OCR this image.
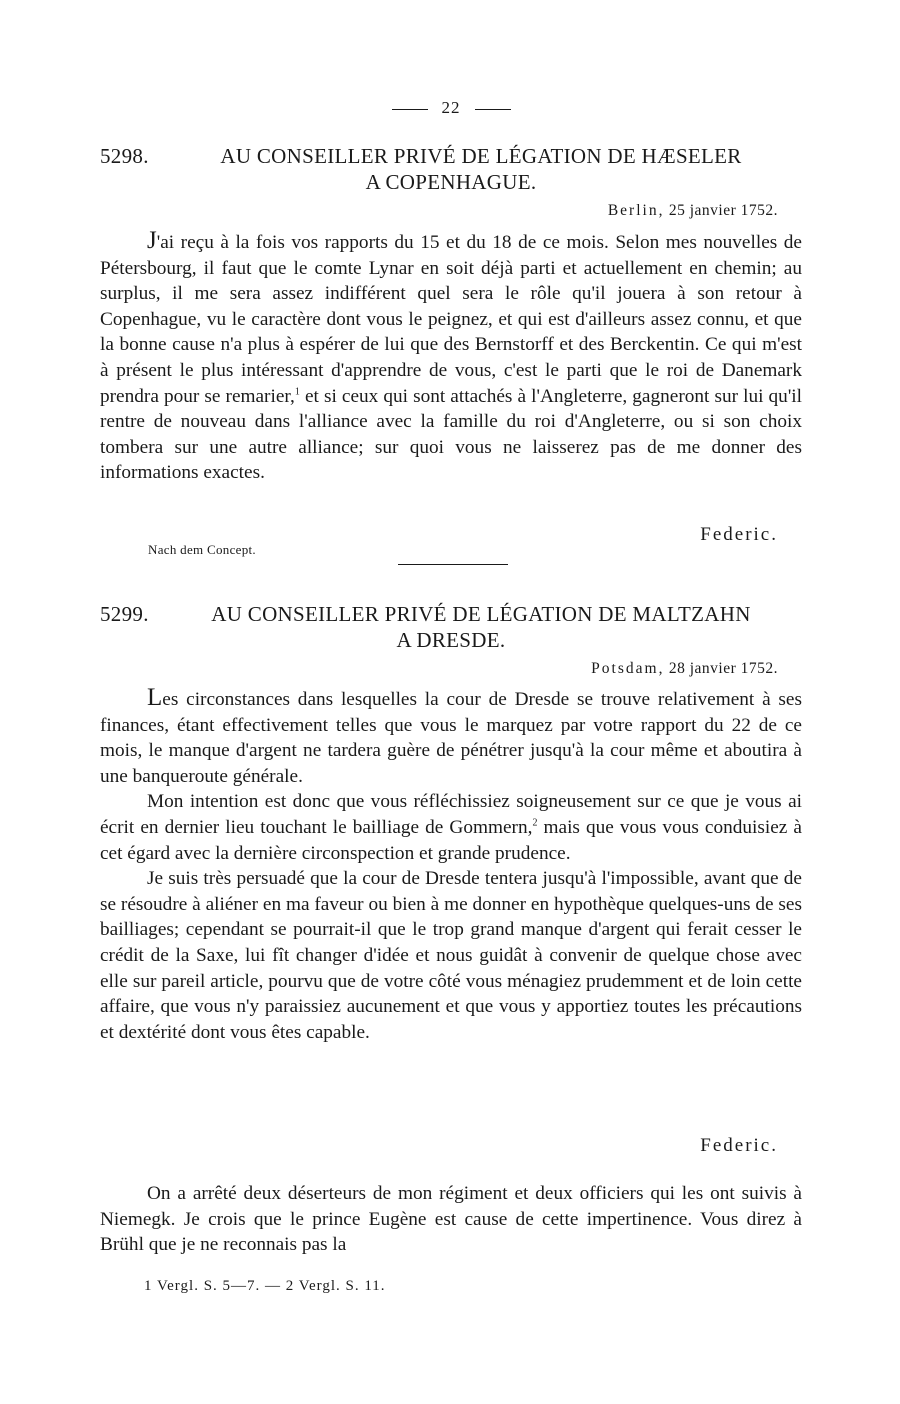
22
5298.	AU CONSEILLER PRIVÉ DE LÉGATION DE HÆSELER
A COPENHAGUE.
Berlin, 25 janvier 1752.

J'ai reçu à la fois vos rapports du 15 et du 18 de ce mois. Selon mes nouvelles de Pétersbourg, il faut que le comte Lynar en soit déjà parti et actuellement en chemin; au surplus, il me sera assez indifférent quel sera le rôle qu'il jouera à son retour à Copenhague, vu le caractère dont vous le peignez, et qui est d'ailleurs assez connu, et que la bonne cause n'a plus à espérer de lui que des Bernstorff et des Berckentin. Ce qui m'est à présent le plus intéressant d'apprendre de vous, c'est le parti que le roi de Danemark prendra pour se remarier,$^1$ et si ceux qui sont attachés à l'Angleterre, gagneront sur lui qu'il rentre de nouveau dans l'alliance avec la famille du roi d'Angleterre, ou si son choix tombera sur une autre alliance; sur quoi vous ne laisserez pas de me donner des informations exactes.

Federic.
Nach dem Concept.
5299.	AU CONSEILLER PRIVÉ DE LÉGATION DE MALTZAHN
A DRESDE.
Potsdam, 28 janvier 1752.

Les circonstances dans lesquelles la cour de Dresde se trouve relativement à ses finances, étant effectivement telles que vous le marquez par votre rapport du 22 de ce mois, le manque d'argent ne tardera guère de pénétrer jusqu'à la cour même et aboutira à une banqueroute générale.

Mon intention est donc que vous réfléchissiez soigneusement sur ce que je vous ai écrit en dernier lieu touchant le bailliage de Gommern,$^2$ mais que vous vous conduisiez à cet égard avec la dernière circonspection et grande prudence.

Je suis très persuadé que la cour de Dresde tentera jusqu'à l'impossible, avant que de se résoudre à aliéner en ma faveur ou bien à me donner en hypothèque quelques-uns de ses bailliages; cependant se pourrait-il que le trop grand manque d'argent qui ferait cesser le crédit de la Saxe, lui fît changer d'idée et nous guidât à convenir de quelque chose avec elle sur pareil article, pourvu que de votre côté vous ménagiez prudemment et de loin cette affaire, que vous n'y paraissiez aucunement et que vous y apportiez toutes les précautions et dextérité dont vous êtes capable.

Federic.

On a arrêté deux déserteurs de mon régiment et deux officiers qui les ont suivis à Niemegk. Je crois que le prince Eugène est cause de cette impertinence. Vous direz à Brühl que je ne reconnais pas la

1 Vergl. S. 5—7. — 2 Vergl. S. 11.
